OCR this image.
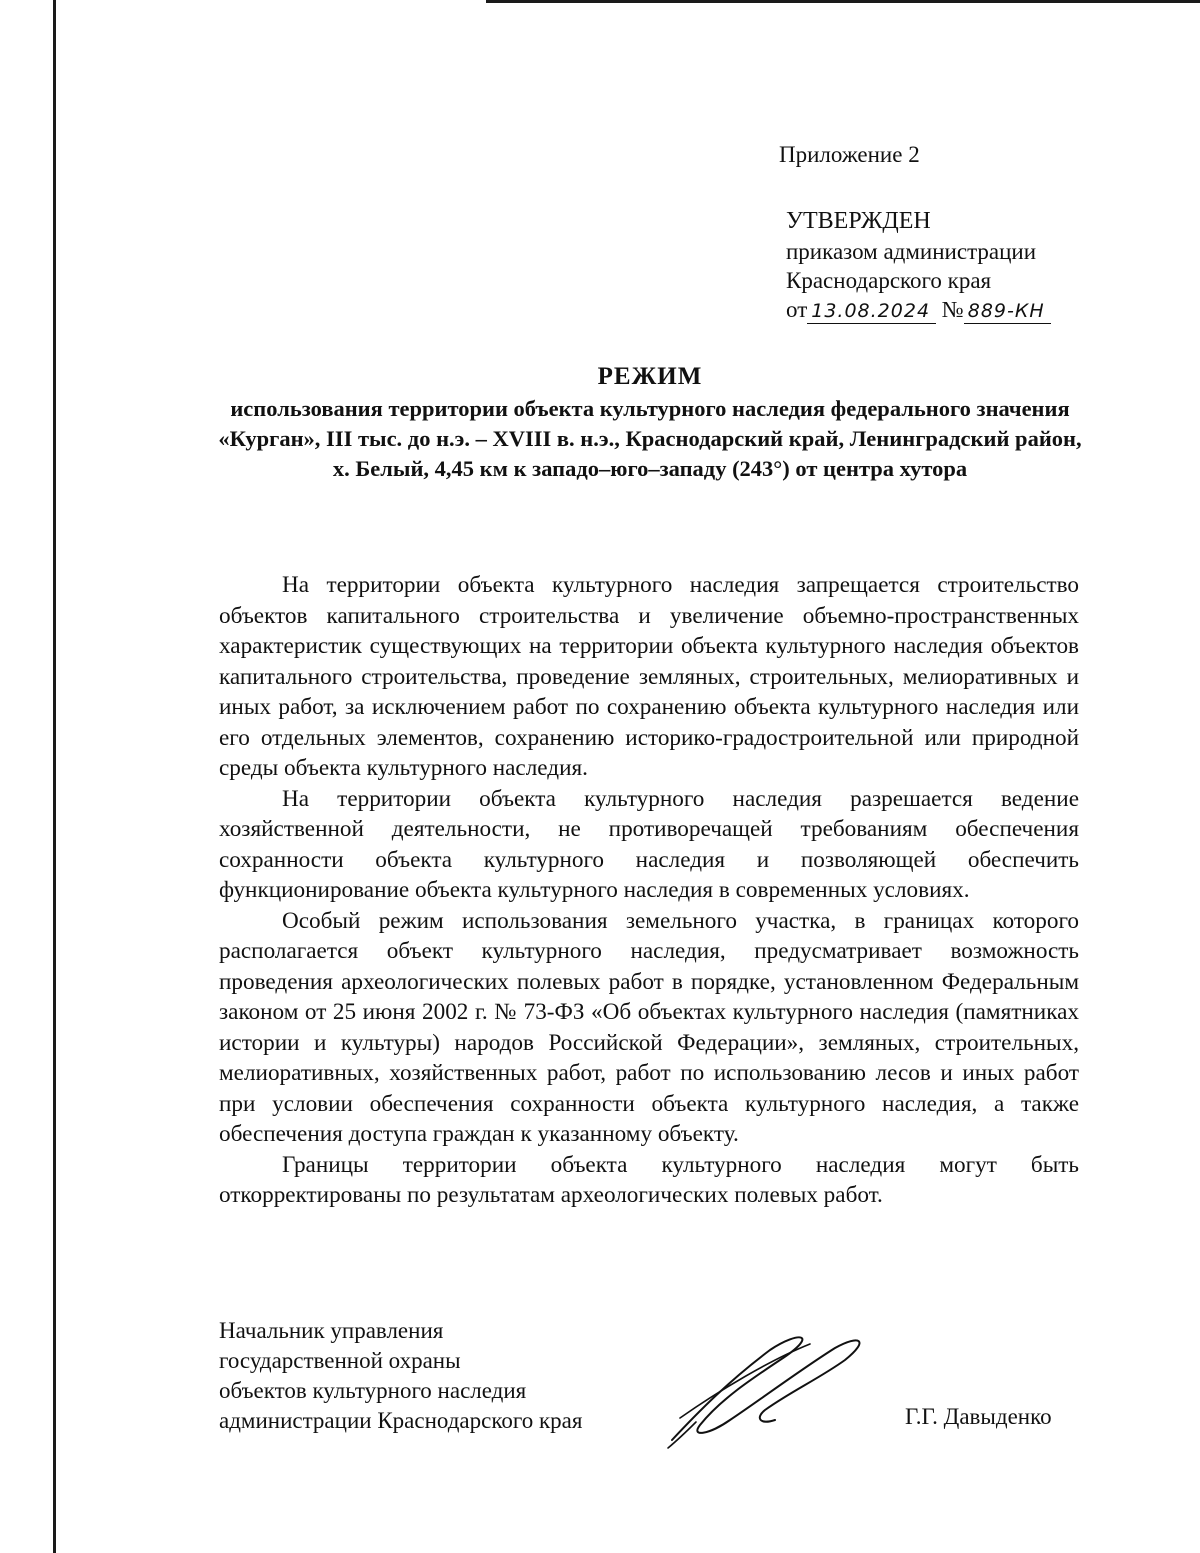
Приложение 2
УТВЕРЖДЕН
приказом администрации
Краснодарского края
от 13.08.2024 № 889-КН
РЕЖИМ
использования территории объекта культурного наследия федерального значения «Курган», III тыс. до н.э. – XVIII в. н.э., Краснодарский край, Ленинградский район, х. Белый, 4,45 км к западо–юго–западу (243°) от центра хутора

На территории объекта культурного наследия запрещается строительство объектов капитального строительства и увеличение объемно-пространственных характеристик существующих на территории объекта культурного наследия объектов капитального строительства, проведение земляных, строительных, мелиоративных и иных работ, за исключением работ по сохранению объекта культурного наследия или его отдельных элементов, сохранению историко-градостроительной или природной среды объекта культурного наследия.

На территории объекта культурного наследия разрешается ведение хозяйственной деятельности, не противоречащей требованиям обеспечения сохранности объекта культурного наследия и позволяющей обеспечить функционирование объекта культурного наследия в современных условиях.

Особый режим использования земельного участка, в границах которого располагается объект культурного наследия, предусматривает возможность проведения археологических полевых работ в порядке, установленном Федеральным законом от 25 июня 2002 г. № 73-ФЗ «Об объектах культурного наследия (памятниках истории и культуры) народов Российской Федерации», земляных, строительных, мелиоративных, хозяйственных работ, работ по использованию лесов и иных работ при условии обеспечения сохранности объекта культурного наследия, а также обеспечения доступа граждан к указанному объекту.

Границы территории объекта культурного наследия могут быть откорректированы по результатам археологических полевых работ.

Начальник управления
государственной охраны
объектов культурного наследия
администрации Краснодарского края	Г.Г. Давыденко
